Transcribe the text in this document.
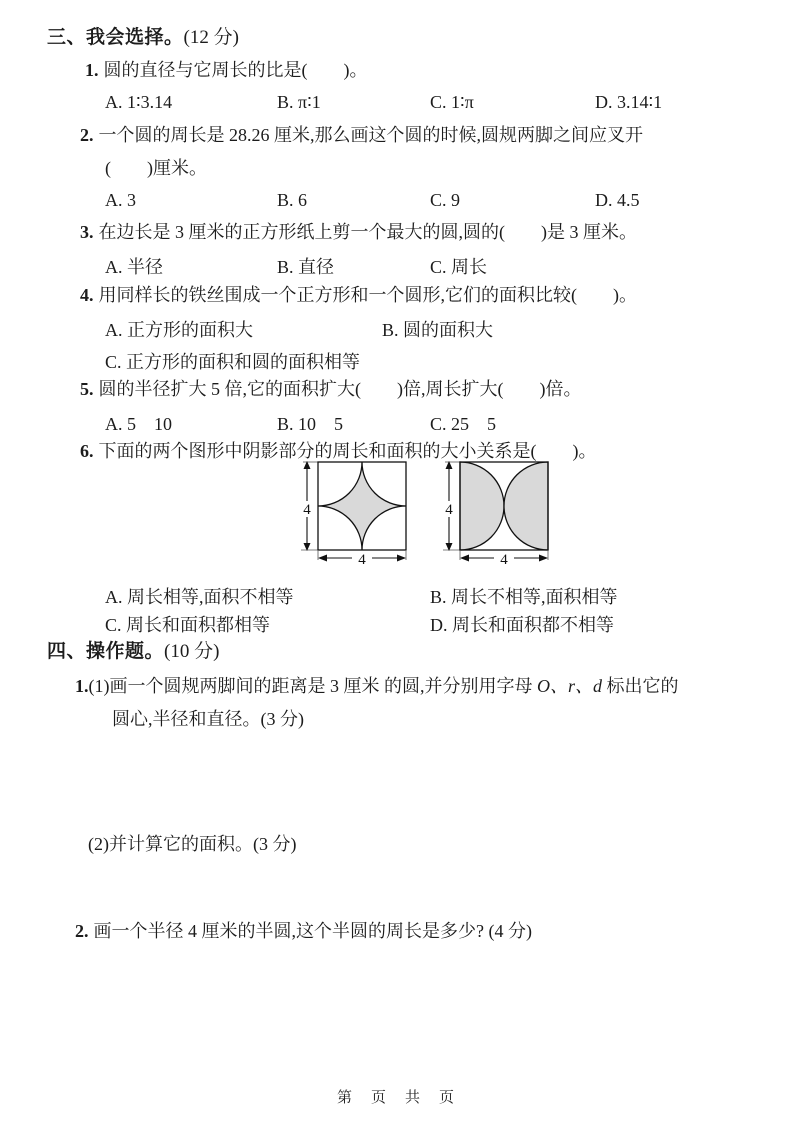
三、我会选择。(12 分)
1. 圆的直径与它周长的比是(　　)。
A. 1∶3.14	B. π∶1	C. 1∶π	D. 3.14∶1
2. 一个圆的周长是 28.26 厘米,那么画这个圆的时候,圆规两脚之间应叉开
(　　)厘米。
A. 3	B. 6	C. 9	D. 4.5
3. 在边长是 3 厘米的正方形纸上剪一个最大的圆,圆的(　　)是 3 厘米。
A. 半径	B. 直径	C. 周长
4. 用同样长的铁丝围成一个正方形和一个圆形,它们的面积比较(　　)。
A. 正方形的面积大	B. 圆的面积大
C. 正方形的面积和圆的面积相等
5. 圆的半径扩大 5 倍,它的面积扩大(　　)倍,周长扩大(　　)倍。
A. 5　10	B. 10　5	C. 25　5
6. 下面的两个图形中阴影部分的周长和面积的大小关系是(　　)。
4
4
4
4
A. 周长相等,面积不相等	B. 周长不相等,面积相等
C. 周长和面积都相等	D. 周长和面积都不相等
四、操作题。(10 分)
1.(1)画一个圆规两脚间的距离是 3 厘米 的圆,并分别用字母 O、r、d 标出它的
圆心,半径和直径。(3 分)
(2)并计算它的面积。(3 分)
2. 画一个半径 4 厘米的半圆,这个半圆的周长是多少? (4 分)
第　页　共　页
